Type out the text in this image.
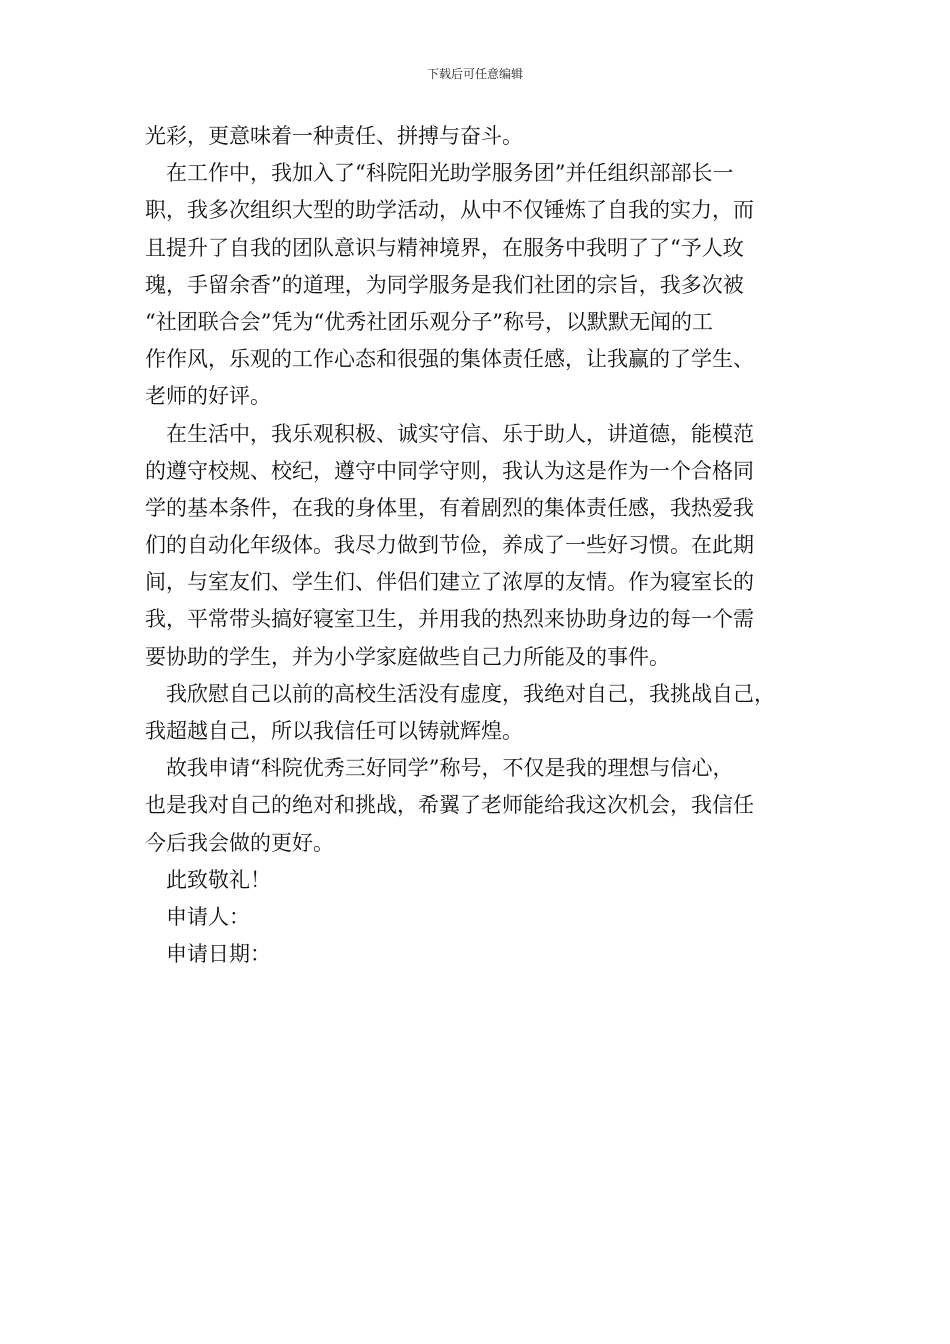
下载后可任意编辑
光彩，更意味着一种责任、拼搏与奋斗。
在工作中，我加入了“科院阳光助学服务团”并任组织部部长一
职，我多次组织大型的助学活动，从中不仅锤炼了自我的实力，而
且提升了自我的团队意识与精神境界，在服务中我明了了“予人玫
瑰，手留余香”的道理，为同学服务是我们社团的宗旨，我多次被
“社团联合会”凭为“优秀社团乐观分子”称号，以默默无闻的工
作作风，乐观的工作心态和很强的集体责任感，让我赢的了学生、
老师的好评。
在生活中，我乐观积极、诚实守信、乐于助人，讲道德，能模范
的遵守校规、校纪，遵守中同学守则，我认为这是作为一个合格同
学的基本条件，在我的身体里，有着剧烈的集体责任感，我热爱我
们的自动化年级体。我尽力做到节俭，养成了一些好习惯。在此期
间，与室友们、学生们、伴侣们建立了浓厚的友情。作为寝室长的
我，平常带头搞好寝室卫生，并用我的热烈来协助身边的每一个需
要协助的学生，并为小学家庭做些自己力所能及的事件。
我欣慰自己以前的高校生活没有虚度，我绝对自己，我挑战自己，
我超越自己，所以我信任可以铸就辉煌。
故我申请“科院优秀三好同学”称号，不仅是我的理想与信心，
也是我对自己的绝对和挑战，希翼了老师能给我这次机会，我信任
今后我会做的更好。
此致敬礼！
申请人：
申请日期：
